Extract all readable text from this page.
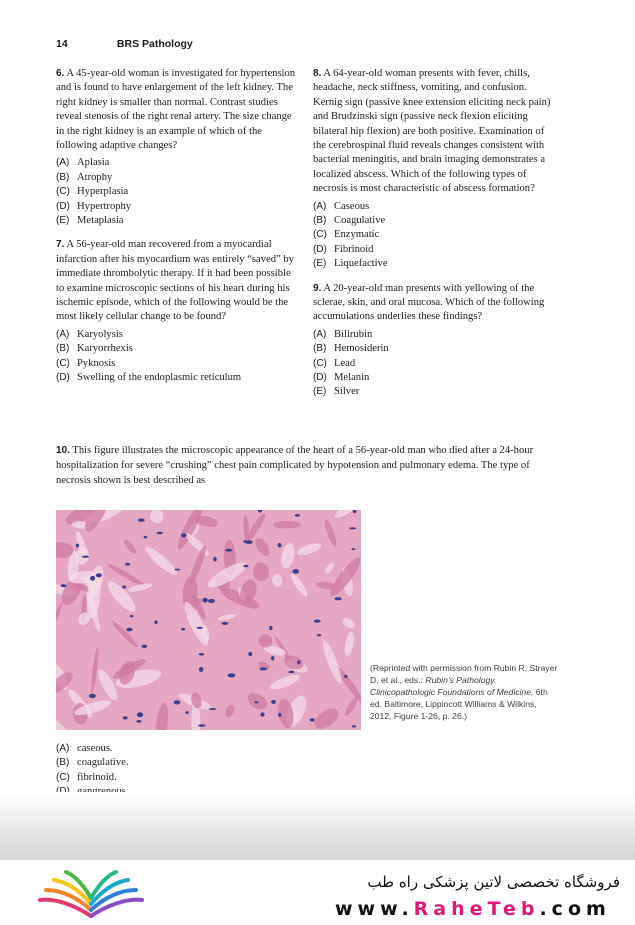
14	BRS Pathology
6. A 45-year-old woman is investigated for hypertension and is found to have enlargement of the left kidney. The right kidney is smaller than normal. Contrast studies reveal stenosis of the right renal artery. The size change in the right kidney is an example of which of the following adaptive changes?
(A) Aplasia
(B) Atrophy
(C) Hyperplasia
(D) Hypertrophy
(E) Metaplasia
7. A 56-year-old man recovered from a myocardial infarction after his myocardium was entirely “saved” by immediate thrombolytic therapy. If it had been possible to examine microscopic sections of his heart during his ischemic episode, which of the following would be the most likely cellular change to be found?
(A) Karyolysis
(B) Karyorrhexis
(C) Pyknosis
(D) Swelling of the endoplasmic reticulum
8. A 64-year-old woman presents with fever, chills, headache, neck stiffness, vomiting, and confusion. Kernig sign (passive knee extension eliciting neck pain) and Brudzinski sign (passive neck flexion eliciting bilateral hip flexion) are both positive. Examination of the cerebrospinal fluid reveals changes consistent with bacterial meningitis, and brain imaging demonstrates a localized abscess. Which of the following types of necrosis is most characteristic of abscess formation?
(A) Caseous
(B) Coagulative
(C) Enzymatic
(D) Fibrinoid
(E) Liquefactive
9. A 20-year-old man presents with yellowing of the sclerae, skin, and oral mucosa. Which of the following accumulations underlies these findings?
(A) Bilirubin
(B) Hemosiderin
(C) Lead
(D) Melanin
(E) Silver
10. This figure illustrates the microscopic appearance of the heart of a 56-year-old man who died after a 24-hour hospitalization for severe “crushing” chest pain complicated by hypotension and pulmonary edema. The type of necrosis shown is best described as
(Reprinted with permission from Rubin R, Strayer D, et al., eds.: Rubin’s Pathology. Clinicopathologic Foundations of Medicine, 6th ed. Baltimore, Lippincott Williams & Wilkins, 2012, Figure 1-26, p. 26.)
(A) caseous.
(B) coagulative.
(C) fibrinoid.
فروشگاه تخصصی لاتین پزشکی راه طب
www.RaheTeb.com
